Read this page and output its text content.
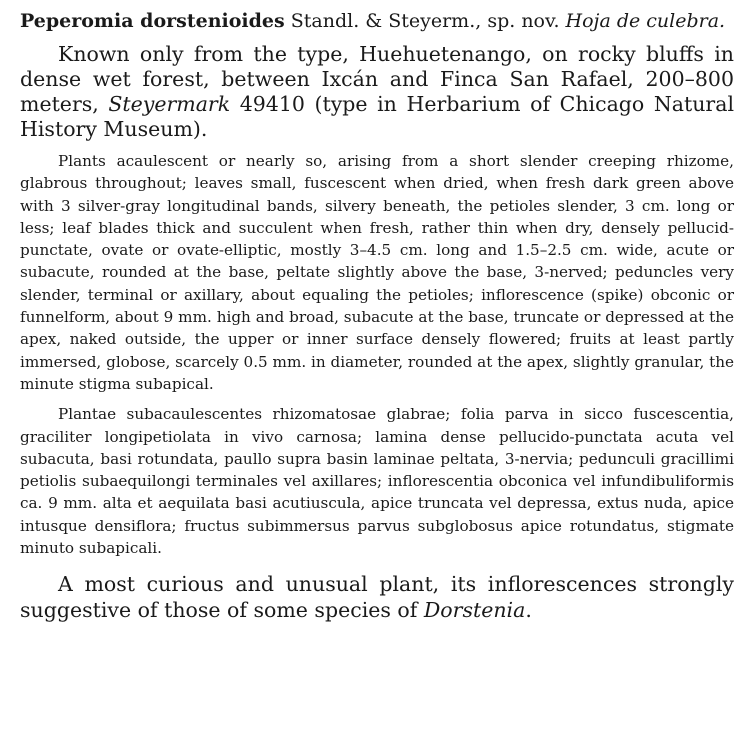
Peperomia dorstenioides Standl. & Steyerm., sp. nov. Hoja de culebra.

Known only from the type, Huehuetenango, on rocky bluffs in dense wet forest, between Ixcán and Finca San Rafael, 200–800 meters, Steyermark 49410 (type in Herbarium of Chicago Natural History Museum).

Plants acaulescent or nearly so, arising from a short slender creeping rhizome, glabrous throughout; leaves small, fuscescent when dried, when fresh dark green above with 3 silver-gray longitudinal bands, silvery beneath, the petioles slender, 3 cm. long or less; leaf blades thick and succulent when fresh, rather thin when dry, densely pellucid-punctate, ovate or ovate-elliptic, mostly 3–4.5 cm. long and 1.5–2.5 cm. wide, acute or subacute, rounded at the base, peltate slightly above the base, 3-nerved; peduncles very slender, terminal or axillary, about equaling the petioles; inflorescence (spike) obconic or funnelform, about 9 mm. high and broad, subacute at the base, truncate or depressed at the apex, naked outside, the upper or inner surface densely flowered; fruits at least partly immersed, globose, scarcely 0.5 mm. in diameter, rounded at the apex, slightly granular, the minute stigma subapical.

Plantae subacaulescentes rhizomatosae glabrae; folia parva in sicco fuscescentia, graciliter longipetiolata in vivo carnosa; lamina dense pellucido-punctata acuta vel subacuta, basi rotundata, paullo supra basin laminae peltata, 3-nervia; pedunculi gracillimi petiolis subaequilongi terminales vel axillares; inflorescentia obconica vel infundibuliformis ca. 9 mm. alta et aequilata basi acutiuscula, apice truncata vel depressa, extus nuda, apice intusque densiflora; fructus subimmersus parvus subglobosus apice rotundatus, stigmate minuto subapicali.

A most curious and unusual plant, its inflorescences strongly suggestive of those of some species of Dorstenia.
